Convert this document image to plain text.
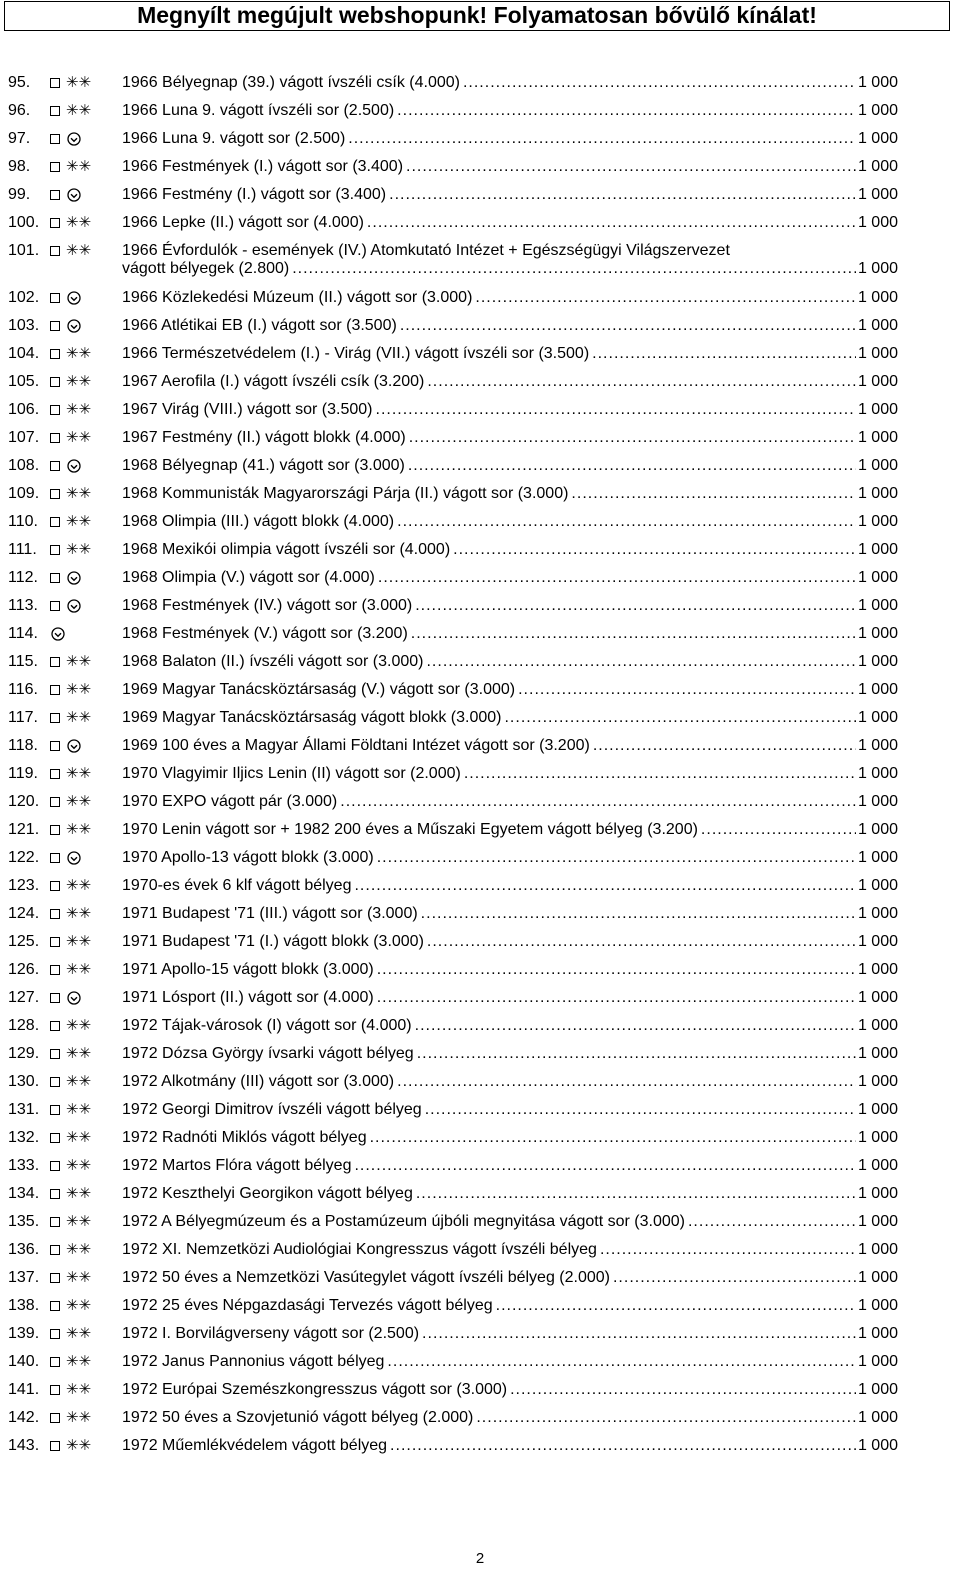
Megnyílt megújult webshopunk! Folyamatosan bővülő kínálat!
95. ✳✳ 1966 Bélyegnap (39.) vágott ívszéli csík (4.000) .....	1 000
96. ✳✳ 1966 Luna 9. vágott ívszéli sor (2.500) .....	1 000
97.	1966 Luna 9. vágott sor (2.500) .....	1 000
98. ✳✳ 1966 Festmények (I.) vágott sor (3.400) .....	1 000
99.	1966 Festmény (I.) vágott sor (3.400) .....	1 000
100. ✳✳ 1966 Lepke (II.) vágott sor (4.000) .....	1 000
101. ✳✳ 1966 Évfordulók - események (IV.) Atomkutató Intézet + Egészségügyi Világszervezet
vágott bélyegek (2.800) .....	1 000
102.	1966 Közlekedési Múzeum (II.) vágott sor (3.000) .....	1 000
103.	1966 Atlétikai EB (I.) vágott sor (3.500) .....	1 000
104. ✳✳ 1966 Természetvédelem (I.) - Virág (VII.) vágott ívszéli sor (3.500) .....	1 000
105. ✳✳ 1967 Aerofila (I.) vágott ívszéli csík (3.200) .....	1 000
106. ✳✳ 1967 Virág (VIII.) vágott sor (3.500) .....	1 000
107. ✳✳ 1967 Festmény (II.) vágott blokk (4.000) .....	1 000
108.	1968 Bélyegnap (41.) vágott sor (3.000) .....	1 000
109. ✳✳ 1968 Kommunisták Magyarországi Párja (II.) vágott sor (3.000) .....	1 000
110. ✳✳ 1968 Olimpia (III.) vágott blokk (4.000) .....	1 000
111. ✳✳ 1968 Mexikói olimpia vágott ívszéli sor (4.000) .....	1 000
112.	1968 Olimpia (V.) vágott sor (4.000) .....	1 000
113.	1968 Festmények (IV.) vágott sor (3.000) .....	1 000
114.	1968 Festmények (V.) vágott sor (3.200) .....	1 000
115. ✳✳ 1968 Balaton (II.) ívszéli vágott sor (3.000) .....	1 000
116. ✳✳ 1969 Magyar Tanácsköztársaság (V.) vágott sor (3.000) .....	1 000
117. ✳✳ 1969 Magyar Tanácsköztársaság vágott blokk (3.000) .....	1 000
118.	1969 100 éves a Magyar Állami Földtani Intézet vágott sor (3.200) .....	1 000
119. ✳✳ 1970 Vlagyimir Iljics Lenin (II) vágott sor (2.000) .....	1 000
120. ✳✳ 1970 EXPO vágott pár (3.000) .....	1 000
121. ✳✳ 1970 Lenin vágott sor + 1982 200 éves a Műszaki Egyetem vágott bélyeg (3.200) .....	1 000
122.	1970 Apollo-13 vágott blokk (3.000) .....	1 000
123. ✳✳ 1970-es évek 6 klf vágott bélyeg .....	1 000
124. ✳✳ 1971 Budapest '71 (III.) vágott sor (3.000) .....	1 000
125. ✳✳ 1971 Budapest '71 (I.) vágott blokk (3.000) .....	1 000
126. ✳✳ 1971 Apollo-15 vágott blokk (3.000) .....	1 000
127.	1971 Lósport (II.) vágott sor (4.000) .....	1 000
128. ✳✳ 1972 Tájak-városok (I) vágott sor (4.000) .....	1 000
129. ✳✳ 1972 Dózsa György ívsarki vágott bélyeg .....	1 000
130. ✳✳ 1972 Alkotmány (III) vágott sor (3.000) .....	1 000
131. ✳✳ 1972 Georgi Dimitrov ívszéli vágott bélyeg .....	1 000
132. ✳✳ 1972 Radnóti Miklós vágott bélyeg .....	1 000
133. ✳✳ 1972 Martos Flóra vágott bélyeg .....	1 000
134. ✳✳ 1972 Keszthelyi Georgikon vágott bélyeg .....	1 000
135. ✳✳ 1972 A Bélyegmúzeum és a Postamúzeum újbóli megnyitása vágott sor (3.000) .....	1 000
136. ✳✳ 1972 XI. Nemzetközi Audiológiai Kongresszus vágott ívszéli bélyeg .....	1 000
137. ✳✳ 1972 50 éves a Nemzetközi Vasútegylet vágott ívszéli bélyeg (2.000) .....	1 000
138. ✳✳ 1972 25 éves Népgazdasági Tervezés vágott bélyeg .....	1 000
139. ✳✳ 1972 I. Borvilágverseny vágott sor (2.500) .....	1 000
140. ✳✳ 1972 Janus Pannonius vágott bélyeg .....	1 000
141. ✳✳ 1972 Európai Szemészkongresszus vágott sor (3.000) .....	1 000
142. ✳✳ 1972 50 éves a Szovjetunió vágott bélyeg (2.000) .....	1 000
143. ✳✳ 1972 Műemlékvédelem vágott bélyeg .....	1 000
2
